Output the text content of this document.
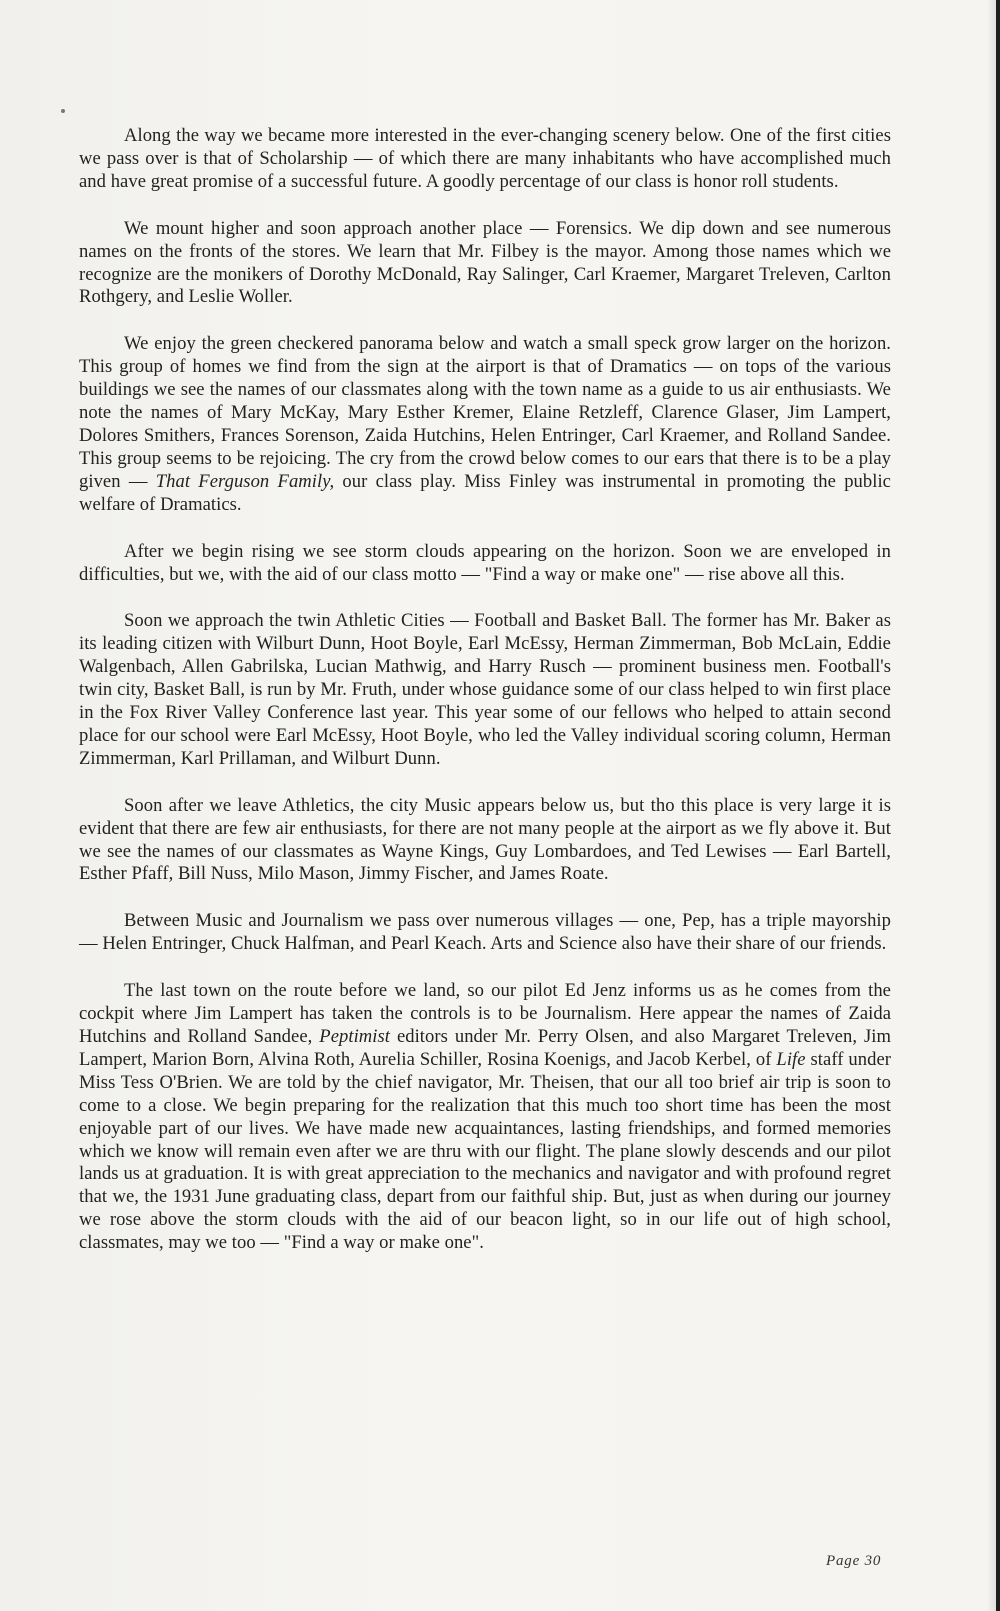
Along the way we became more interested in the ever-changing scenery below. One of the first cities we pass over is that of Scholarship — of which there are many inhabitants who have accomplished much and have great promise of a successful future. A goodly percentage of our class is honor roll students.

We mount higher and soon approach another place — Forensics. We dip down and see numerous names on the fronts of the stores. We learn that Mr. Filbey is the mayor. Among those names which we recognize are the monikers of Dorothy McDonald, Ray Salinger, Carl Kraemer, Margaret Treleven, Carlton Rothgery, and Leslie Woller.

We enjoy the green checkered panorama below and watch a small speck grow larger on the horizon. This group of homes we find from the sign at the airport is that of Dramatics — on tops of the various buildings we see the names of our classmates along with the town name as a guide to us air enthusiasts. We note the names of Mary McKay, Mary Esther Kremer, Elaine Retzleff, Clarence Glaser, Jim Lampert, Dolores Smithers, Frances Sorenson, Zaida Hutchins, Helen Entringer, Carl Kraemer, and Rolland Sandee. This group seems to be rejoicing. The cry from the crowd below comes to our ears that there is to be a play given — That Ferguson Family, our class play. Miss Finley was instrumental in promoting the public welfare of Dramatics.

After we begin rising we see storm clouds appearing on the horizon. Soon we are enveloped in difficulties, but we, with the aid of our class motto — "Find a way or make one" — rise above all this.

Soon we approach the twin Athletic Cities — Football and Basket Ball. The former has Mr. Baker as its leading citizen with Wilburt Dunn, Hoot Boyle, Earl McEssy, Herman Zimmerman, Bob McLain, Eddie Walgenbach, Allen Gabrilska, Lucian Mathwig, and Harry Rusch — prominent business men. Football's twin city, Basket Ball, is run by Mr. Fruth, under whose guidance some of our class helped to win first place in the Fox River Valley Conference last year. This year some of our fellows who helped to attain second place for our school were Earl McEssy, Hoot Boyle, who led the Valley individual scoring column, Herman Zimmerman, Karl Prillaman, and Wilburt Dunn.

Soon after we leave Athletics, the city Music appears below us, but tho this place is very large it is evident that there are few air enthusiasts, for there are not many people at the airport as we fly above it. But we see the names of our classmates as Wayne Kings, Guy Lombardoes, and Ted Lewises — Earl Bartell, Esther Pfaff, Bill Nuss, Milo Mason, Jimmy Fischer, and James Roate.

Between Music and Journalism we pass over numerous villages — one, Pep, has a triple mayorship — Helen Entringer, Chuck Halfman, and Pearl Keach. Arts and Science also have their share of our friends.

The last town on the route before we land, so our pilot Ed Jenz informs us as he comes from the cockpit where Jim Lampert has taken the controls is to be Journalism. Here appear the names of Zaida Hutchins and Rolland Sandee, Peptimist editors under Mr. Perry Olsen, and also Margaret Treleven, Jim Lampert, Marion Born, Alvina Roth, Aurelia Schiller, Rosina Koenigs, and Jacob Kerbel, of Life staff under Miss Tess O'Brien. We are told by the chief navigator, Mr. Theisen, that our all too brief air trip is soon to come to a close. We begin preparing for the realization that this much too short time has been the most enjoyable part of our lives. We have made new acquaintances, lasting friendships, and formed memories which we know will remain even after we are thru with our flight. The plane slowly descends and our pilot lands us at graduation. It is with great appreciation to the mechanics and navigator and with profound regret that we, the 1931 June graduating class, depart from our faithful ship. But, just as when during our journey we rose above the storm clouds with the aid of our beacon light, so in our life out of high school, classmates, may we too — "Find a way or make one".

Page 30
